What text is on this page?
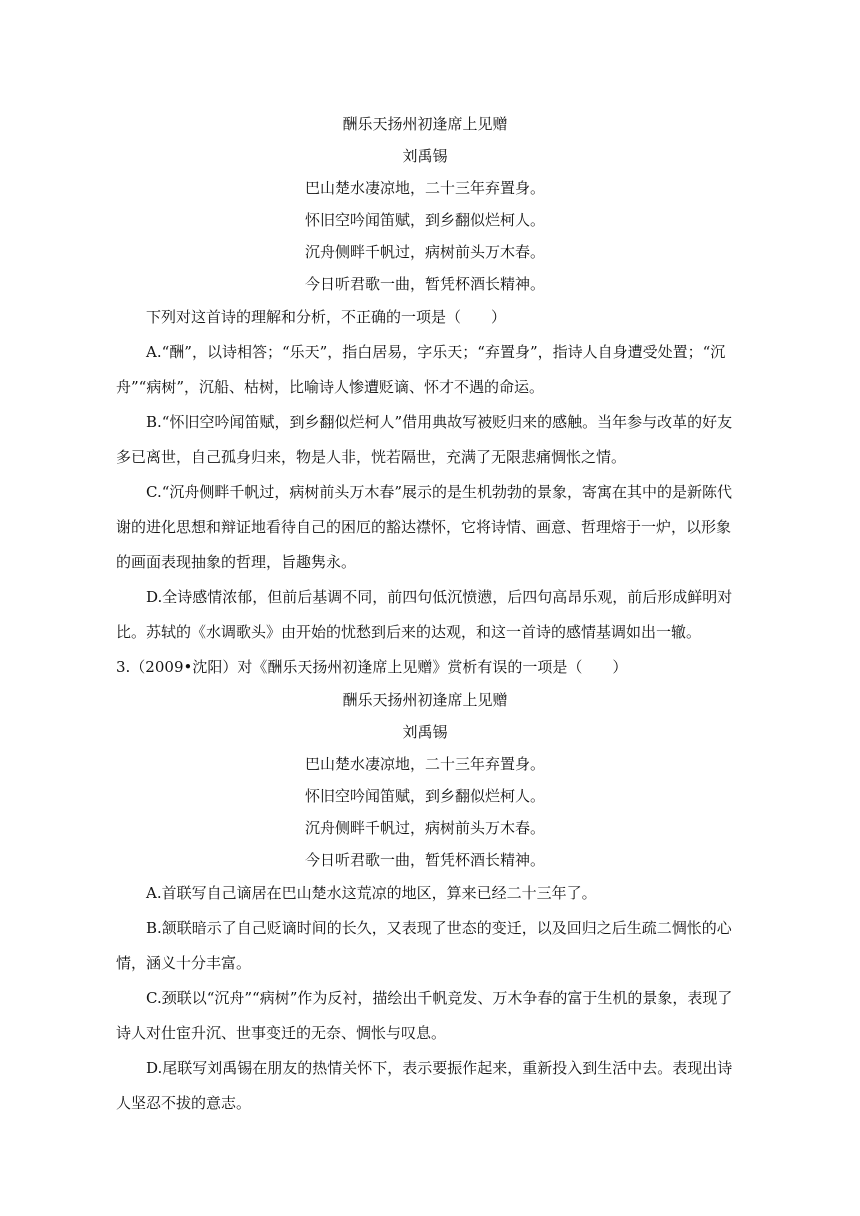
酬乐天扬州初逢席上见赠
刘禹锡
巴山楚水凄凉地，二十三年弃置身。
怀旧空吟闻笛赋，到乡翻似烂柯人。
沉舟侧畔千帆过，病树前头万木春。
今日听君歌一曲，暂凭杯酒长精神。

下列对这首诗的理解和分析，不正确的一项是（　　）

A.“酬”，以诗相答；“乐天”，指白居易，字乐天；“弃置身”，指诗人自身遭受处置；“沉舟”“病树”，沉船、枯树，比喻诗人惨遭贬谪、怀才不遇的命运。

B.“怀旧空吟闻笛赋，到乡翻似烂柯人”借用典故写被贬归来的感触。当年参与改革的好友多已离世，自己孤身归来，物是人非，恍若隔世，充满了无限悲痛惆怅之情。

C.“沉舟侧畔千帆过，病树前头万木春”展示的是生机勃勃的景象，寄寓在其中的是新陈代谢的进化思想和辩证地看待自己的困厄的豁达襟怀，它将诗情、画意、哲理熔于一炉，以形象的画面表现抽象的哲理，旨趣隽永。

D.全诗感情浓郁，但前后基调不同，前四句低沉愤懑，后四句高昂乐观，前后形成鲜明对比。苏轼的《水调歌头》由开始的忧愁到后来的达观，和这一首诗的感情基调如出一辙。

3.（2009•沈阳）对《酬乐天扬州初逢席上见赠》赏析有误的一项是（　　）

酬乐天扬州初逢席上见赠
刘禹锡
巴山楚水凄凉地，二十三年弃置身。
怀旧空吟闻笛赋，到乡翻似烂柯人。
沉舟侧畔千帆过，病树前头万木春。
今日听君歌一曲，暂凭杯酒长精神。

A.首联写自己谪居在巴山楚水这荒凉的地区，算来已经二十三年了。

B.颔联暗示了自己贬谪时间的长久，又表现了世态的变迁，以及回归之后生疏二惆怅的心情，涵义十分丰富。

C.颈联以“沉舟”“病树”作为反衬，描绘出千帆竞发、万木争春的富于生机的景象，表现了诗人对仕宦升沉、世事变迁的无奈、惆怅与叹息。

D.尾联写刘禹锡在朋友的热情关怀下，表示要振作起来，重新投入到生活中去。表现出诗人坚忍不拔的意志。
